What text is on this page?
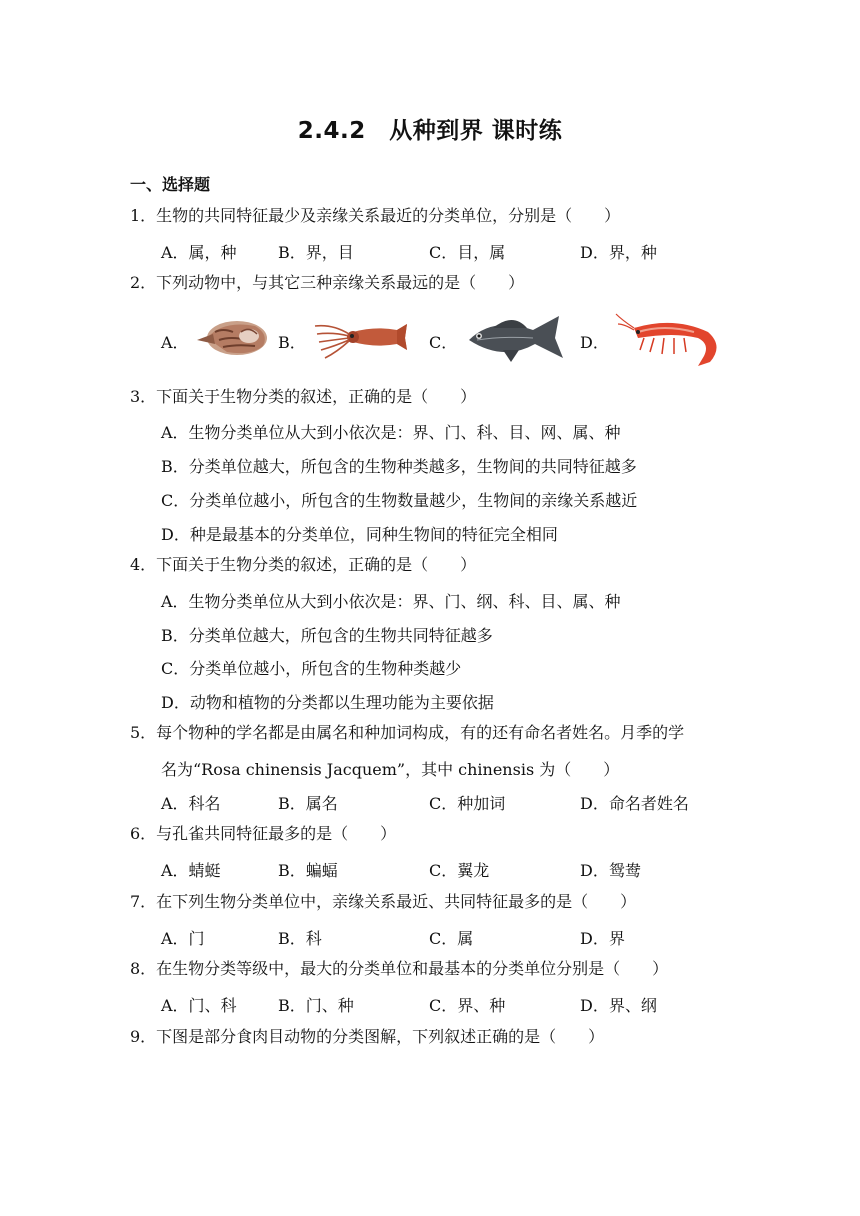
2.4.2　从种到界 课时练
一、选择题
1．生物的共同特征最少及亲缘关系最近的分类单位，分别是（　　）
A．属，种	B．界，目	C．目，属	D．界，种
2．下列动物中，与其它三种亲缘关系最远的是（　　）
A．	B．	C．	D．
3．下面关于生物分类的叙述，正确的是（　　）
A．生物分类单位从大到小依次是：界、门、科、目、网、属、种
B．分类单位越大，所包含的生物种类越多，生物间的共同特征越多
C．分类单位越小，所包含的生物数量越少，生物间的亲缘关系越近
D．种是最基本的分类单位，同种生物间的特征完全相同
4．下面关于生物分类的叙述，正确的是（　　）
A．生物分类单位从大到小依次是：界、门、纲、科、目、属、种
B．分类单位越大，所包含的生物共同特征越多
C．分类单位越小，所包含的生物种类越少
D．动物和植物的分类都以生理功能为主要依据
5．每个物种的学名都是由属名和种加词构成，有的还有命名者姓名。月季的学
名为“Rosa chinensis Jacquem”，其中 chinensis 为（　　）
A．科名	B．属名	C．种加词	D．命名者姓名
6．与孔雀共同特征最多的是（　　）
A．蜻蜓	B．蝙蝠	C．翼龙	D．鸳鸯
7．在下列生物分类单位中，亲缘关系最近、共同特征最多的是（　　）
A．门	B．科	C．属	D．界
8．在生物分类等级中，最大的分类单位和最基本的分类单位分别是（　　）
A．门、科	B．门、种	C．界、种	D．界、纲
9．下图是部分食肉目动物的分类图解，下列叙述正确的是（　　）
